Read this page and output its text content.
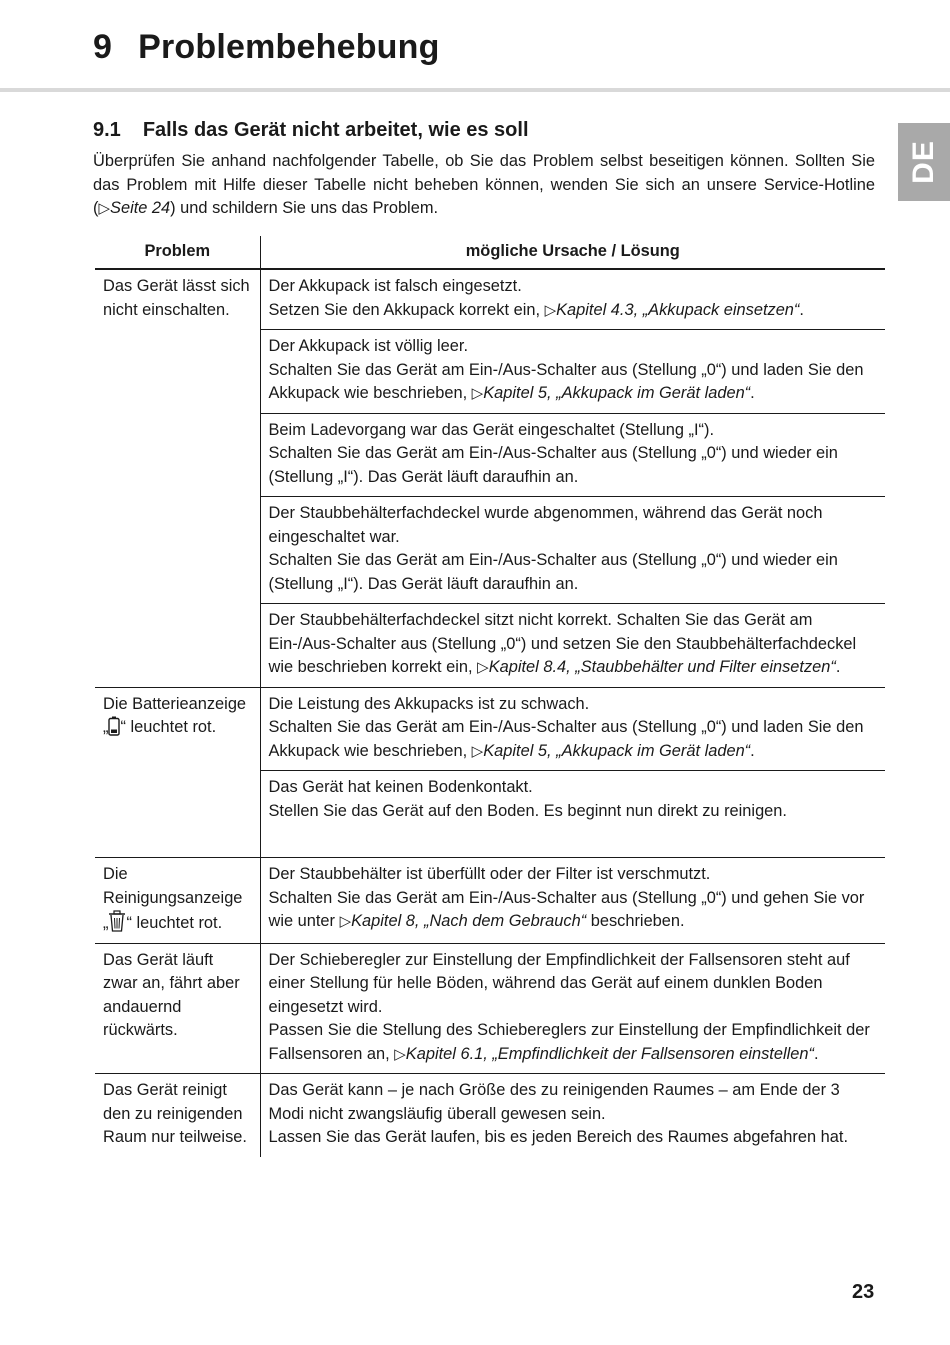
9 Problembehebung
DE
9.1 Falls das Gerät nicht arbeitet, wie es soll

Überprüfen Sie anhand nachfolgender Tabelle, ob Sie das Problem selbst beseitigen können. Sollten Sie das Problem mit Hilfe dieser Tabelle nicht beheben können, wenden Sie sich an unsere Service-Hotline (▷Seite 24) und schildern Sie uns das Problem.

Problem	mögliche Ursache / Lösung

Das Gerät lässt sich nicht einschalten.	Der Akkupack ist falsch eingesetzt.

Setzen Sie den Akkupack korrekt ein, ▷Kapitel 4.3, „Akkupack einsetzen“.

	Der Akkupack ist völlig leer.

Schalten Sie das Gerät am Ein-/Aus-Schalter aus (Stellung „0“) und laden Sie den Akkupack wie beschrieben, ▷Kapitel 5, „Akkupack im Gerät laden“.

	Beim Ladevorgang war das Gerät eingeschaltet (Stellung „I“).

Schalten Sie das Gerät am Ein-/Aus-Schalter aus (Stellung „0“) und wieder ein (Stellung „I“). Das Gerät läuft daraufhin an.

	Der Staubbehälterfachdeckel wurde abgenommen, während das Gerät noch eingeschaltet war.

Schalten Sie das Gerät am Ein-/Aus-Schalter aus (Stellung „0“) und wieder ein (Stellung „I“). Das Gerät läuft daraufhin an.

	Der Staubbehälterfachdeckel sitzt nicht korrekt. Schalten Sie das Gerät am Ein-/Aus-Schalter aus (Stellung „0“) und setzen Sie den Staubbehälterfachdeckel wie beschrieben korrekt ein, ▷Kapitel 8.4, „Staubbehälter und Filter einsetzen“.

Die Batterieanzeige „ “ leuchtet rot.	Die Leistung des Akkupacks ist zu schwach.

Schalten Sie das Gerät am Ein-/Aus-Schalter aus (Stellung „0“) und laden Sie den Akkupack wie beschrieben, ▷Kapitel 5, „Akkupack im Gerät laden“.

	Das Gerät hat keinen Bodenkontakt.

Stellen Sie das Gerät auf den Boden. Es beginnt nun direkt zu reinigen.

Die Reinigungsanzeige „ “ leuchtet rot.	Der Staubbehälter ist überfüllt oder der Filter ist verschmutzt.

Schalten Sie das Gerät am Ein-/Aus-Schalter aus (Stellung „0“) und gehen Sie vor wie unter ▷Kapitel 8, „Nach dem Gebrauch“ beschrieben.

Das Gerät läuft zwar an, fährt aber andauernd rückwärts.	Der Schieberegler zur Einstellung der Empfindlichkeit der Fallsensoren steht auf einer Stellung für helle Böden, während das Gerät auf einem dunklen Boden eingesetzt wird.

Passen Sie die Stellung des Schiebereglers zur Einstellung der Empfindlichkeit der Fallsensoren an, ▷Kapitel 6.1, „Empfindlichkeit der Fallsensoren einstellen“.

Das Gerät reinigt den zu reinigenden Raum nur teilweise.	Das Gerät kann – je nach Größe des zu reinigenden Raumes – am Ende der 3 Modi nicht zwangsläufig überall gewesen sein.

Lassen Sie das Gerät laufen, bis es jeden Bereich des Raumes abgefahren hat.

23
